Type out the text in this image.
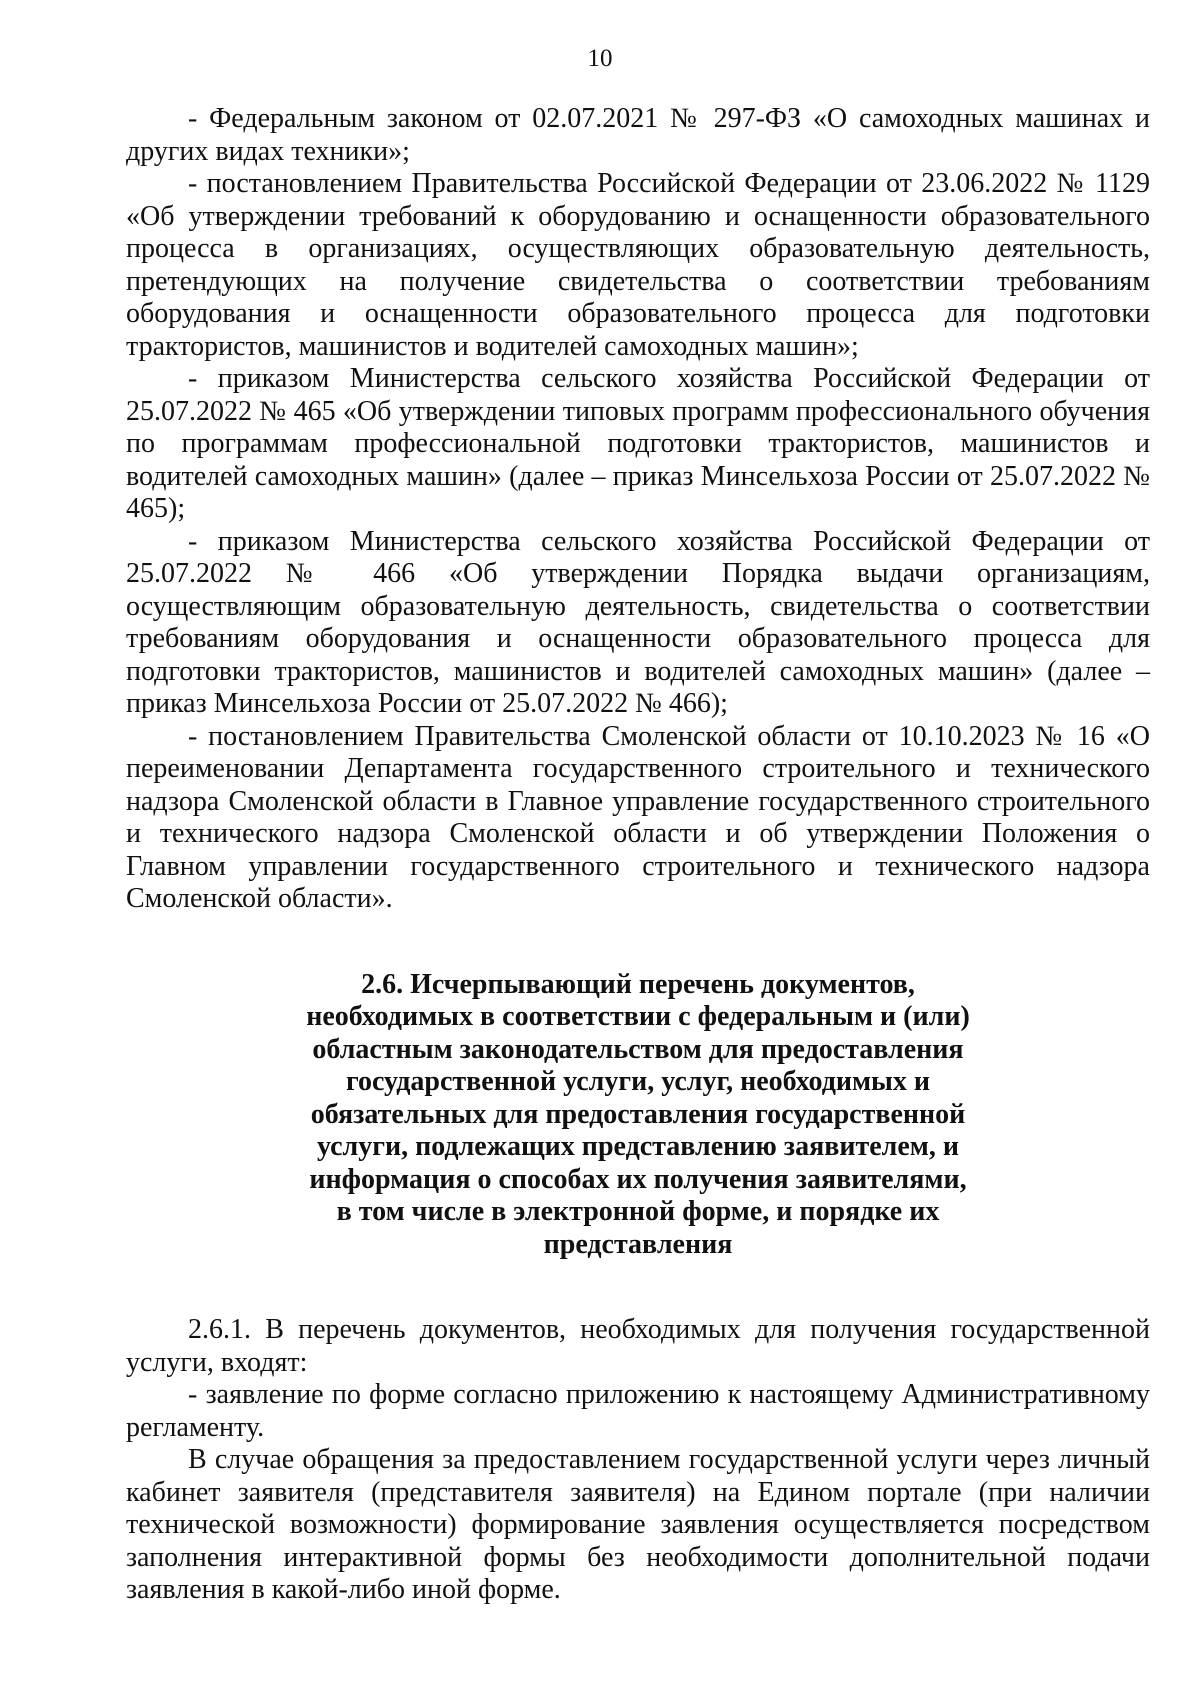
10

- Федеральным законом от 02.07.2021 № 297-ФЗ «О самоходных машинах и других видах техники»;

- постановлением Правительства Российской Федерации от 23.06.2022 № 1129 «Об утверждении требований к оборудованию и оснащенности образовательного процесса в организациях, осуществляющих образовательную деятельность, претендующих на получение свидетельства о соответствии требованиям оборудования и оснащенности образовательного процесса для подготовки трактористов, машинистов и водителей самоходных машин»;

- приказом Министерства сельского хозяйства Российской Федерации от 25.07.2022 № 465 «Об утверждении типовых программ профессионального обучения по программам профессиональной подготовки трактористов, машинистов и водителей самоходных машин» (далее – приказ Минсельхоза России от 25.07.2022 № 465);

- приказом Министерства сельского хозяйства Российской Федерации от 25.07.2022 № 466 «Об утверждении Порядка выдачи организациям, осуществляющим образовательную деятельность, свидетельства о соответствии требованиям оборудования и оснащенности образовательного процесса для подготовки трактористов, машинистов и водителей самоходных машин» (далее – приказ Минсельхоза России от 25.07.2022 № 466);

- постановлением Правительства Смоленской области от 10.10.2023 № 16 «О переименовании Департамента государственного строительного и технического надзора Смоленской области в Главное управление государственного строительного и технического надзора Смоленской области и об утверждении Положения о Главном управлении государственного строительного и технического надзора Смоленской области».

2.6. Исчерпывающий перечень документов,
необходимых в соответствии с федеральным и (или)
областным законодательством для предоставления
государственной услуги, услуг, необходимых и
обязательных для предоставления государственной
услуги, подлежащих представлению заявителем, и
информация о способах их получения заявителями,
в том числе в электронной форме, и порядке их
представления

2.6.1. В перечень документов, необходимых для получения государственной услуги, входят:

- заявление по форме согласно приложению к настоящему Административному регламенту.

В случае обращения за предоставлением государственной услуги через личный кабинет заявителя (представителя заявителя) на Едином портале (при наличии технической возможности) формирование заявления осуществляется посредством заполнения интерактивной формы без необходимости дополнительной подачи заявления в какой-либо иной форме.
